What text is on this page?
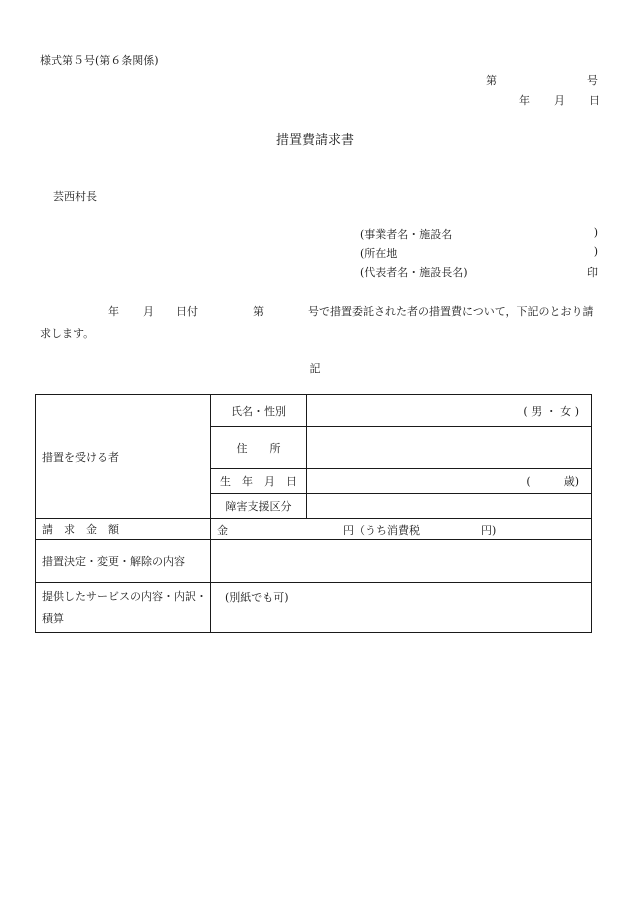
様式第５号(第６条関係)
第	号
年 月 日
措置費請求書
芸西村長
(事業者名・施設名	)
(所在地	)
(代表者名・施設長名)	印
年 月 日付	第	号で措置委託された者の措置費について，下記のとおり請
求します。
記
措置を受ける者	氏名・性別	( 男 ・ 女 )
	住　　所	
	生　年　月　日	(　　　歳)
	障害支援区分	
請　求　金　額	金 円（うち消費税 円)	

措置決定・変更・解除の内容		

提供したサービスの内容・内訳・
積算	(別紙でも可)	
